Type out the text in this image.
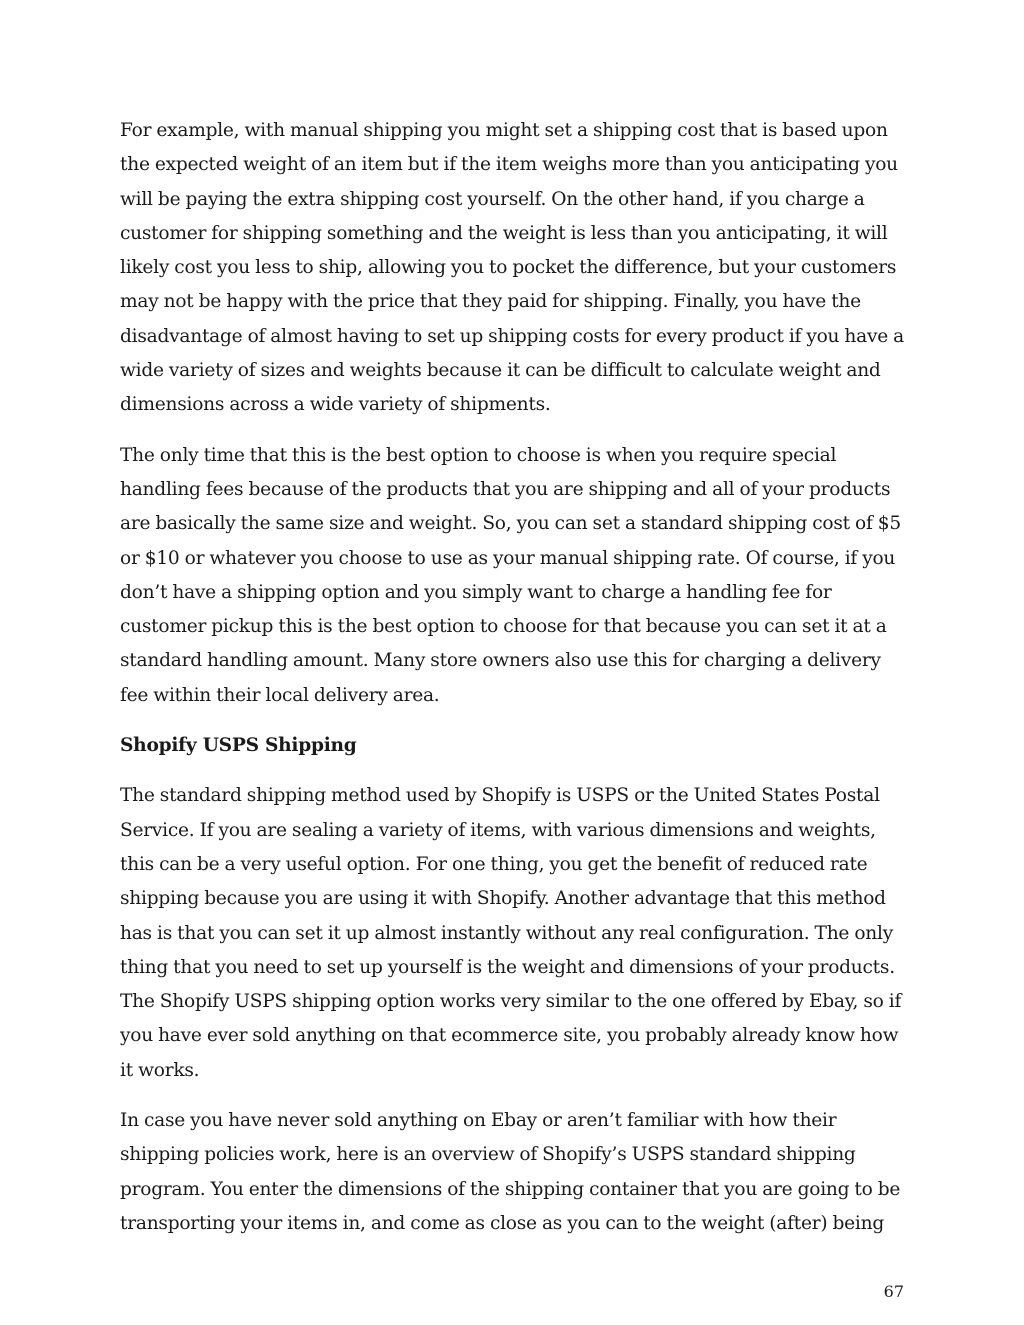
For example, with manual shipping you might set a shipping cost that is based upon the expected weight of an item but if the item weighs more than you anticipating you will be paying the extra shipping cost yourself. On the other hand, if you charge a customer for shipping something and the weight is less than you anticipating, it will likely cost you less to ship, allowing you to pocket the difference, but your customers may not be happy with the price that they paid for shipping. Finally, you have the disadvantage of almost having to set up shipping costs for every product if you have a wide variety of sizes and weights because it can be difficult to calculate weight and dimensions across a wide variety of shipments.

The only time that this is the best option to choose is when you require special handling fees because of the products that you are shipping and all of your products are basically the same size and weight. So, you can set a standard shipping cost of $5 or $10 or whatever you choose to use as your manual shipping rate. Of course, if you don’t have a shipping option and you simply want to charge a handling fee for customer pickup this is the best option to choose for that because you can set it at a standard handling amount. Many store owners also use this for charging a delivery fee within their local delivery area.

Shopify USPS Shipping

The standard shipping method used by Shopify is USPS or the United States Postal Service. If you are sealing a variety of items, with various dimensions and weights, this can be a very useful option. For one thing, you get the benefit of reduced rate shipping because you are using it with Shopify. Another advantage that this method has is that you can set it up almost instantly without any real configuration. The only thing that you need to set up yourself is the weight and dimensions of your products. The Shopify USPS shipping option works very similar to the one offered by Ebay, so if you have ever sold anything on that ecommerce site, you probably already know how it works.

In case you have never sold anything on Ebay or aren’t familiar with how their shipping policies work, here is an overview of Shopify’s USPS standard shipping program. You enter the dimensions of the shipping container that you are going to be transporting your items in, and come as close as you can to the weight (after) being

67
